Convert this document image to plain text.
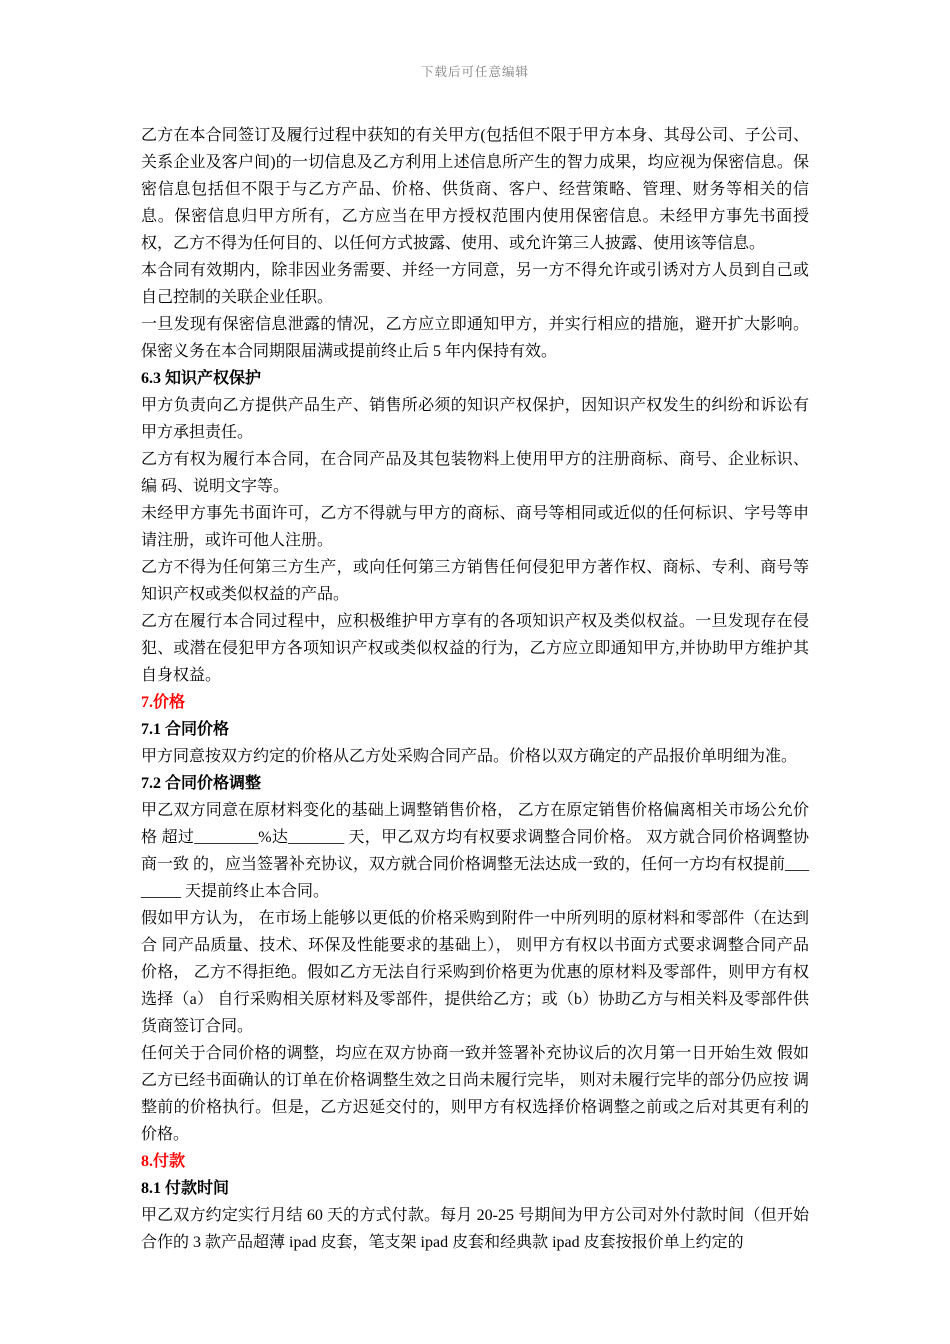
下载后可任意编辑

乙方在本合同签订及履行过程中获知的有关甲方(包括但不限于甲方本身、其母公司、子公司、 关系企业及客户间)的一切信息及乙方利用上述信息所产生的智力成果，均应视为保密信息。保密信息包括但不限于与乙方产品、价格、供货商、客户、经营策略、管理、财务等相关的信息。保密信息归甲方所有，乙方应当在甲方授权范围内使用保密信息。未经甲方事先书面授权，乙方不得为任何目的、以任何方式披露、使用、或允许第三人披露、使用该等信息。

本合同有效期内，除非因业务需要、并经一方同意，另一方不得允许或引诱对方人员到自己或自己控制的关联企业任职。

一旦发现有保密信息泄露的情况，乙方应立即通知甲方，并实行相应的措施，避开扩大影响。 保密义务在本合同期限届满或提前终止后 5 年内保持有效。

6.3 知识产权保护

甲方负责向乙方提供产品生产、销售所必须的知识产权保护，因知识产权发生的纠纷和诉讼有甲方承担责任。

乙方有权为履行本合同，在合同产品及其包装物料上使用甲方的注册商标、商号、企业标识、编 码、说明文字等。

未经甲方事先书面许可，乙方不得就与甲方的商标、商号等相同或近似的任何标识、字号等申请注册，或许可他人注册。

乙方不得为任何第三方生产，或向任何第三方销售任何侵犯甲方著作权、商标、专利、商号等知识产权或类似权益的产品。

乙方在履行本合同过程中，应积极维护甲方享有的各项知识产权及类似权益。一旦发现存在侵犯、或潜在侵犯甲方各项知识产权或类似权益的行为，乙方应立即通知甲方,并协助甲方维护其自身权益。

7.价格

7.1 合同价格

甲方同意按双方约定的价格从乙方处采购合同产品。价格以双方确定的产品报价单明细为准。

7.2 合同价格调整

甲乙双方同意在原材料变化的基础上调整销售价格， 乙方在原定销售价格偏离相关市场公允价格 超过________%达_______ 天，甲乙双方均有权要求调整合同价格。 双方就合同价格调整协商一致 的，应当签署补充协议，双方就合同价格调整无法达成一致的，任何一方均有权提前________ 天提前终止本合同。

假如甲方认为， 在市场上能够以更低的价格采购到附件一中所列明的原材料和零部件（在达到合 同产品质量、技术、环保及性能要求的基础上）， 则甲方有权以书面方式要求调整合同产品价格， 乙方不得拒绝。假如乙方无法自行采购到价格更为优惠的原材料及零部件，则甲方有权选择（a） 自行采购相关原材料及零部件，提供给乙方；或（b）协助乙方与相关料及零部件供货商签订合同。

任何关于合同价格的调整，均应在双方协商一致并签署补充协议后的次月第一日开始生效 假如乙方已经书面确认的订单在价格调整生效之日尚未履行完毕， 则对未履行完毕的部分仍应按 调整前的价格执行。但是，乙方迟延交付的，则甲方有权选择价格调整之前或之后对其更有利的 价格。

8.付款

8.1 付款时间

甲乙双方约定实行月结 60 天的方式付款。每月 20-25 号期间为甲方公司对外付款时间（但开始合作的 3 款产品超薄 ipad 皮套，笔支架 ipad 皮套和经典款 ipad 皮套按报价单上约定的
